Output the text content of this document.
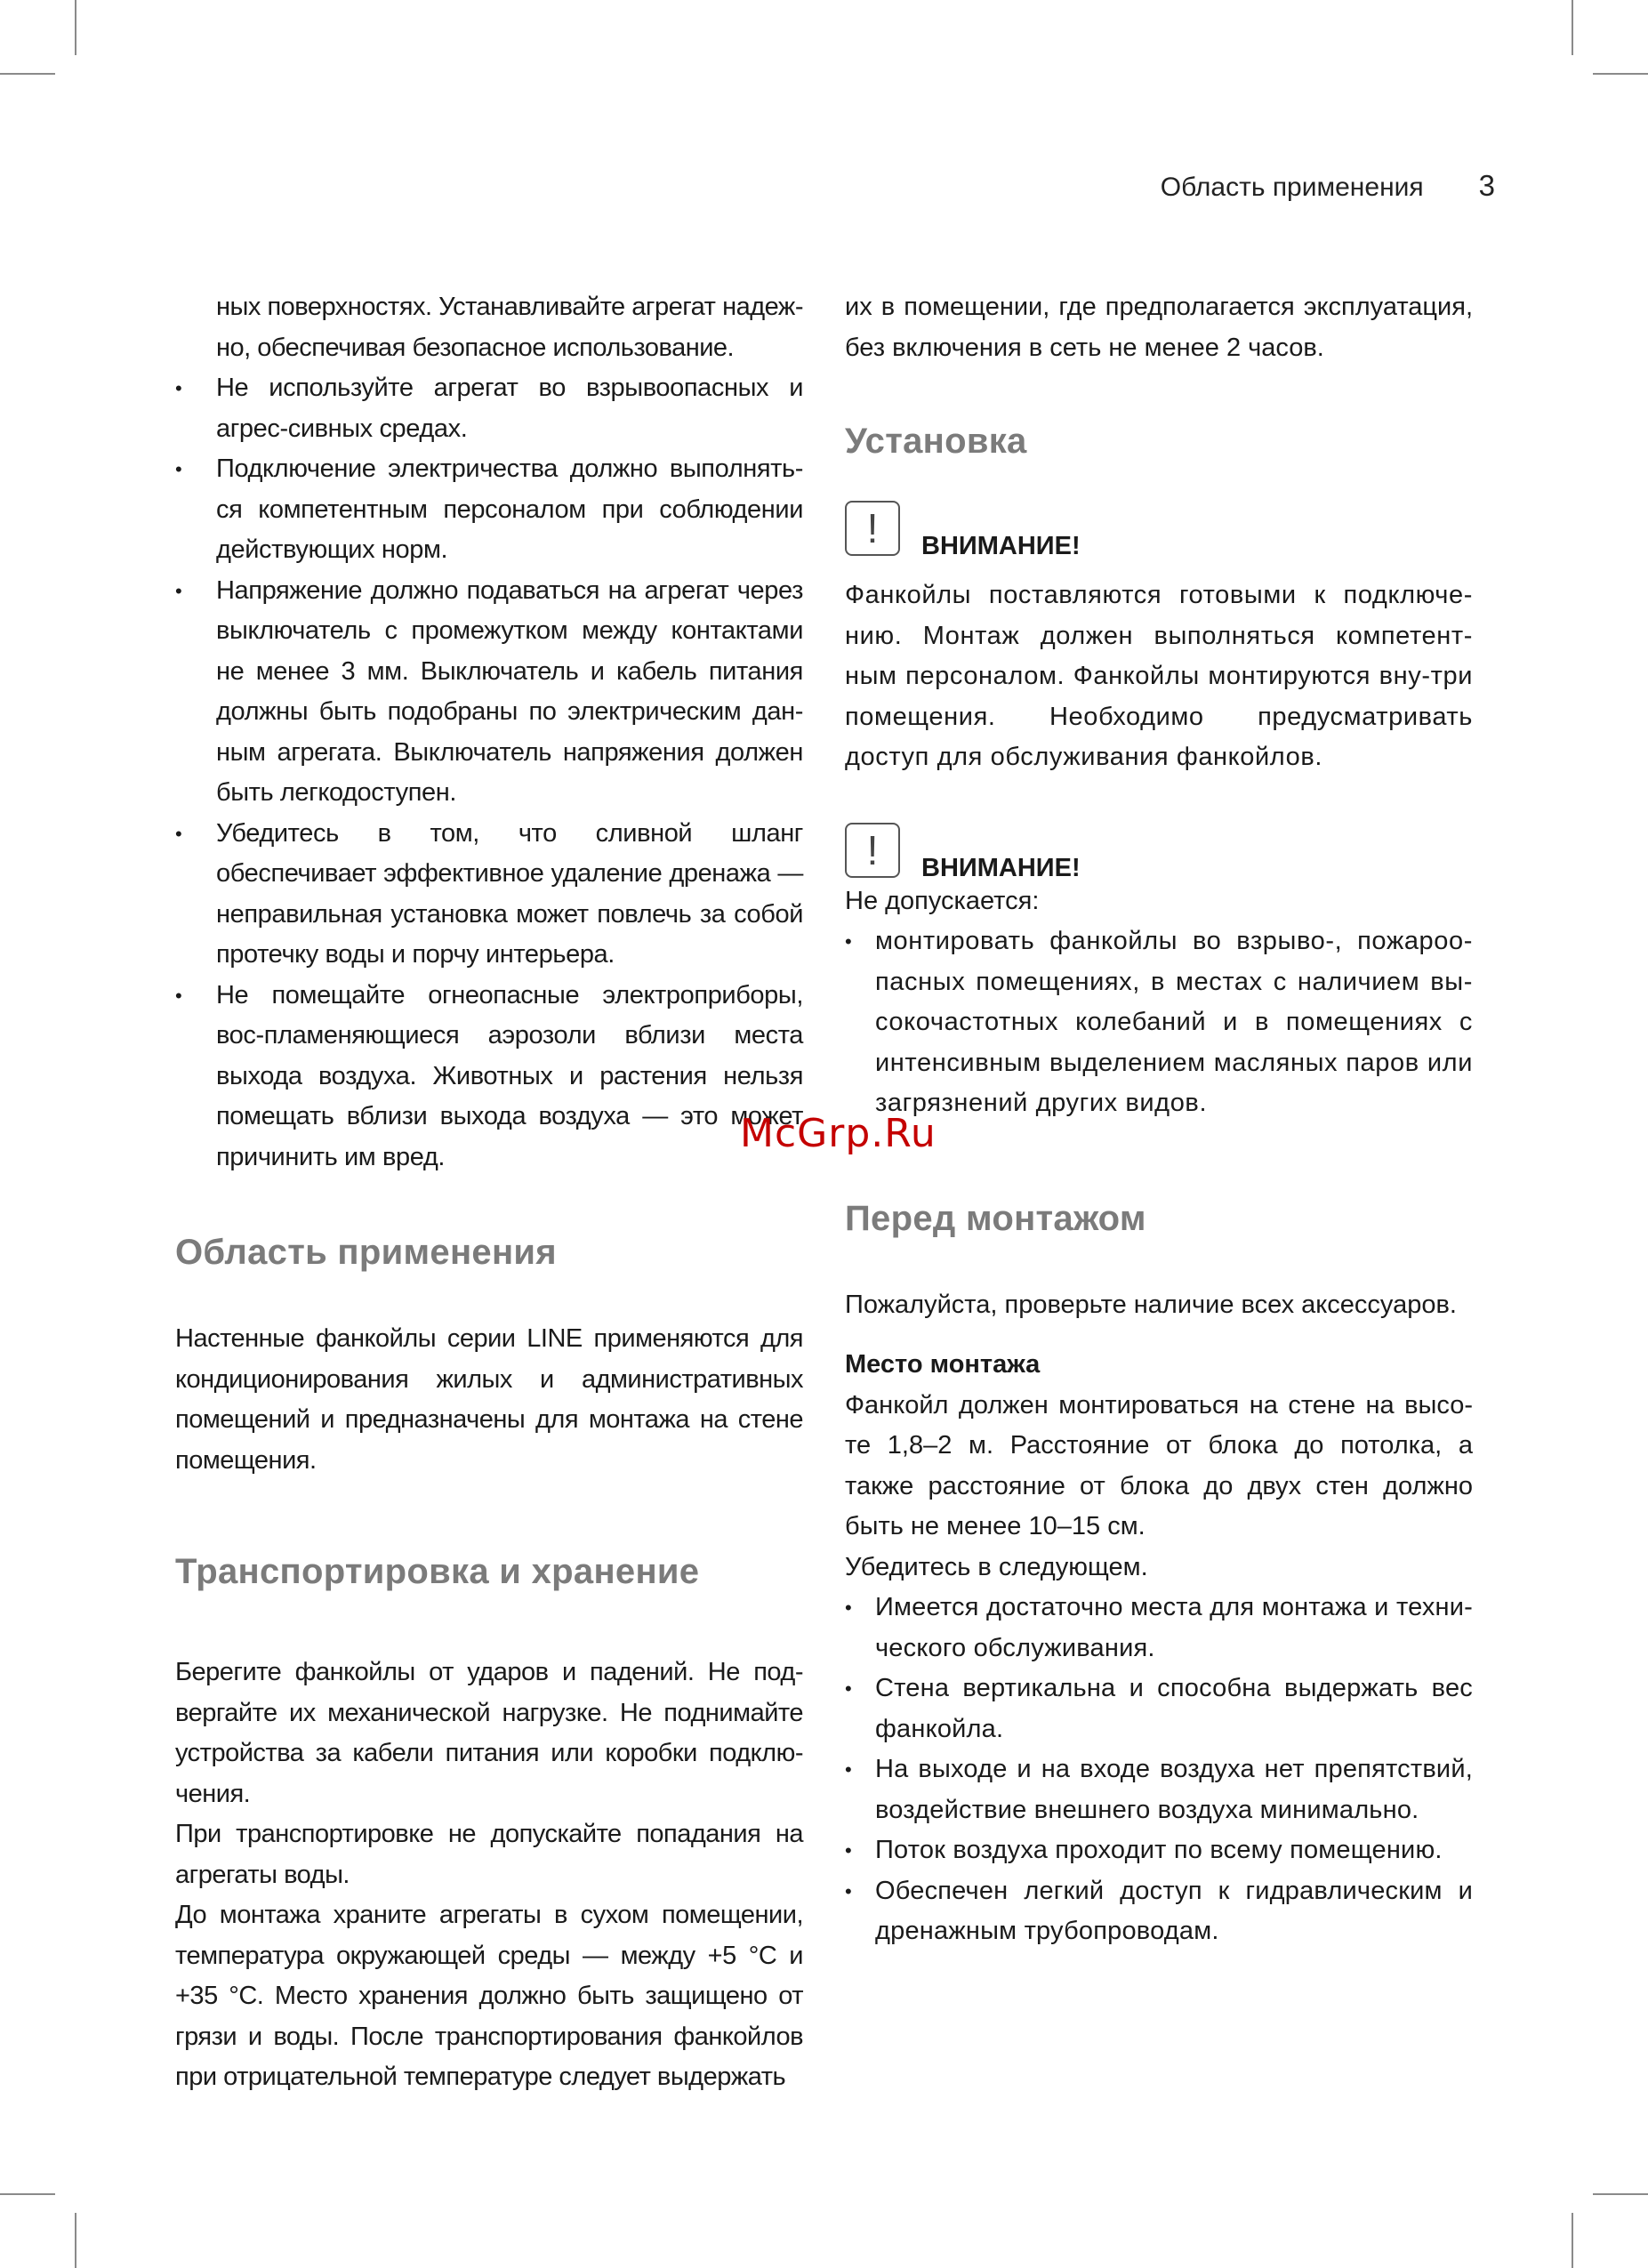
Область применения 3

ных поверхностях. Устанавливайте агрегат надеж-но, обеспечивая безопасное использование.

• Не используйте агрегат во взрывоопасных и агрес-сивных средах.
• Подключение электричества должно выполнять-ся компетентным персоналом при соблюдении действующих норм.
• Напряжение должно подаваться на агрегат через выключатель с промежутком между контактами не менее 3 мм. Выключатель и кабель питания должны быть подобраны по электрическим дан-ным агрегата. Выключатель напряжения должен быть легкодоступен.
• Убедитесь в том, что сливной шланг обеспечивает эффективное удаление дренажа — неправильная установка может повлечь за собой протечку воды и порчу интерьера.
• Не помещайте огнеопасные электроприборы, вос-пламеняющиеся аэрозоли вблизи места выхода воздуха. Животных и растения нельзя помещать вблизи выхода воздуха — это может причинить им вред.
Область применения

Настенные фанкойлы серии LINE применяются для кондиционирования жилых и административных помещений и предназначены для монтажа на стене помещения.

Транспортировка и хранение

Берегите фанкойлы от ударов и падений. Не под-вергайте их механической нагрузке. Не поднимайте устройства за кабели питания или коробки подклю-чения.

При транспортировке не допускайте попадания на агрегаты воды.

До монтажа храните агрегаты в сухом помещении, температура окружающей среды — между +5 °С и +35 °С. Место хранения должно быть защищено от грязи и воды. После транспортирования фанкойлов при отрицательной температуре следует выдержать

их в помещении, где предполагается эксплуатация, без включения в сеть не менее 2 часов.

Установка
!	ВНИМАНИЕ!

Фанкойлы поставляются готовыми к подключе-нию. Монтаж должен выполняться компетент-ным персоналом. Фанкойлы монтируются вну-три помещения. Необходимо предусматривать доступ для обслуживания фанкойлов.

!	ВНИМАНИЕ!

Не допускается:

• монтировать фанкойлы во взрыво-, пожароо-пасных помещениях, в местах с наличием вы-сокочастотных колебаний и в помещениях с интенсивным выделением масляных паров или загрязнений других видов.
Перед монтажом

Пожалуйста, проверьте наличие всех аксессуаров.

Место монтажа

Фанкойл должен монтироваться на стене на высо-те 1,8–2 м. Расстояние от блока до потолка, а также расстояние от блока до двух стен должно быть не менее 10–15 см.

Убедитесь в следующем.

• Имеется достаточно места для монтажа и техни-ческого обслуживания.
• Стена вертикальна и способна выдержать вес фанкойла.
• На выходе и на входе воздуха нет препятствий, воздействие внешнего воздуха минимально.
• Поток воздуха проходит по всему помещению.
• Обеспечен легкий доступ к гидравлическим и дренажным трубопроводам.
McGrp.Ru
